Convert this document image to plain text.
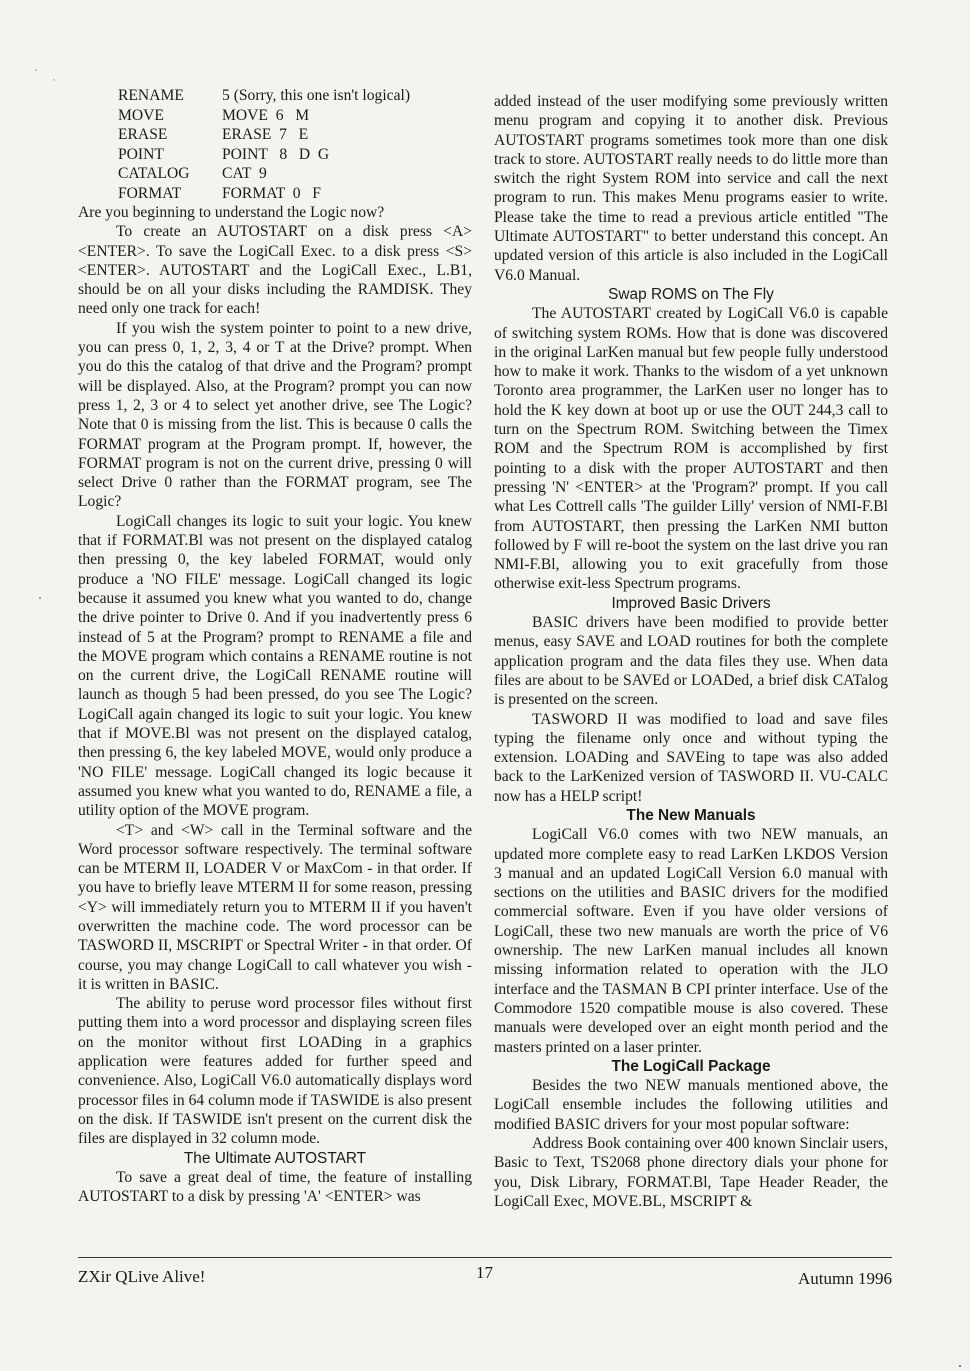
RENAME	5 (Sorry, this one isn't logical)
MOVE	MOVE  6   M
ERASE	ERASE  7   E
POINT	POINT   8   D  G
CATALOG	CAT  9
FORMAT	FORMAT  0   F

Are you beginning to understand the Logic now?

To create an AUTOSTART on a disk press <A> <ENTER>. To save the LogiCall Exec. to a disk press <S> <ENTER>. AUTOSTART and the LogiCall Exec., L.B1, should be on all your disks including the RAMDISK. They need only one track for each!

If you wish the system pointer to point to a new drive, you can press 0, 1, 2, 3, 4 or T at the Drive? prompt. When you do this the catalog of that drive and the Program? prompt will be displayed. Also, at the Program? prompt you can now press 1, 2, 3 or 4 to select yet another drive, see The Logic? Note that 0 is missing from the list. This is because 0 calls the FORMAT program at the Program prompt. If, however, the FORMAT program is not on the current drive, pressing 0 will select Drive 0 rather than the FORMAT program, see The Logic?

LogiCall changes its logic to suit your logic. You knew that if FORMAT.Bl was not present on the displayed catalog then pressing 0, the key labeled FORMAT, would only produce a 'NO FILE' message. LogiCall changed its logic because it assumed you knew what you wanted to do, change the drive pointer to Drive 0. And if you inadvertently press 6 instead of 5 at the Program? prompt to RENAME a file and the MOVE program which contains a RENAME routine is not on the current drive, the LogiCall RENAME routine will launch as though 5 had been pressed, do you see The Logic? LogiCall again changed its logic to suit your logic. You knew that if MOVE.Bl was not present on the displayed catalog, then pressing 6, the key labeled MOVE, would only produce a 'NO FILE' message. LogiCall changed its logic because it assumed you knew what you wanted to do, RENAME a file, a utility option of the MOVE program.

<T> and <W> call in the Terminal software and the Word processor software respectively. The terminal software can be MTERM II, LOADER V or MaxCom - in that order. If you have to briefly leave MTERM II for some reason, pressing <Y> will immediately return you to MTERM II if you haven't overwritten the machine code. The word processor can be TASWORD II, MSCRIPT or Spectral Writer - in that order. Of course, you may change LogiCall to call whatever you wish - it is written in BASIC.

The ability to peruse word processor files without first putting them into a word processor and displaying screen files on the monitor without first LOADing in a graphics application were features added for further speed and convenience. Also, LogiCall V6.0 automatically displays word processor files in 64 column mode if TASWIDE is also present on the disk. If TASWIDE isn't present on the current disk the files are displayed in 32 column mode.

The Ultimate AUTOSTART

To save a great deal of time, the feature of installing AUTOSTART to a disk by pressing 'A' <ENTER> was

added instead of the user modifying some previously written menu program and copying it to another disk. Previous AUTOSTART programs sometimes took more than one disk track to store. AUTOSTART really needs to do little more than switch the right System ROM into service and call the next program to run. This makes Menu programs easier to write. Please take the time to read a previous article entitled "The Ultimate AUTOSTART" to better understand this concept. An updated version of this article is also included in the LogiCall V6.0 Manual.

Swap ROMS on The Fly

The AUTOSTART created by LogiCall V6.0 is capable of switching system ROMs. How that is done was discovered in the original LarKen manual but few people fully understood how to make it work. Thanks to the wisdom of a yet unknown Toronto area programmer, the LarKen user no longer has to hold the K key down at boot up or use the OUT 244,3 call to turn on the Spectrum ROM. Switching between the Timex ROM and the Spectrum ROM is accomplished by first pointing to a disk with the proper AUTOSTART and then pressing 'N' <ENTER> at the 'Program?' prompt. If you call what Les Cottrell calls 'The guilder Lilly' version of NMI-F.Bl from AUTOSTART, then pressing the LarKen NMI button followed by F will re-boot the system on the last drive you ran NMI-F.Bl, allowing you to exit gracefully from those otherwise exit-less Spectrum programs.

Improved Basic Drivers

BASIC drivers have been modified to provide better menus, easy SAVE and LOAD routines for both the complete application program and the data files they use. When data files are about to be SAVEd or LOADed, a brief disk CATalog is presented on the screen.

TASWORD II was modified to load and save files typing the filename only once and without typing the extension. LOADing and SAVEing to tape was also added back to the LarKenized version of TASWORD II. VU-CALC now has a HELP script!

The New Manuals

LogiCall V6.0 comes with two NEW manuals, an updated more complete easy to read LarKen LKDOS Version 3 manual and an updated LogiCall Version 6.0 manual with sections on the utilities and BASIC drivers for the modified commercial software. Even if you have older versions of LogiCall, these two new manuals are worth the price of V6 ownership. The new LarKen manual includes all known missing information related to operation with the JLO interface and the TASMAN B CPI printer interface. Use of the Commodore 1520 compatible mouse is also covered. These manuals were developed over an eight month period and the masters printed on a laser printer.

The LogiCall Package

Besides the two NEW manuals mentioned above, the LogiCall ensemble includes the following utilities and modified BASIC drivers for your most popular software:

Address Book containing over 400 known Sinclair users, Basic to Text, TS2068 phone directory dials your phone for you, Disk Library, FORMAT.Bl, Tape Header Reader, the LogiCall Exec, MOVE.BL, MSCRIPT &

ZXir QLive Alive!	17	Autumn 1996
